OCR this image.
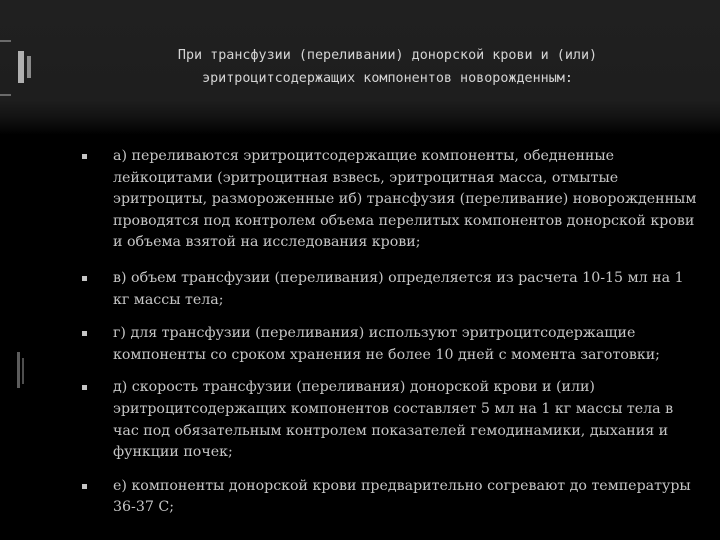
При трансфузии (переливании) донорской крови и (или)
эритроцитсодержащих компонентов новорожденным:
а) переливаются эритроцитсодержащие компоненты, обедненные лейкоцитами (эритроцитная взвесь, эритроцитная масса, отмытые эритроциты, размороженные иб) трансфузия (переливание) новорожденным проводятся под контролем объема перелитых компонентов донорской крови и объема взятой на исследования крови;
в) объем трансфузии (переливания) определяется из расчета 10-15 мл на 1 кг массы тела;
г) для трансфузии (переливания) используют эритроцитсодержащие компоненты со сроком хранения не более 10 дней с момента заготовки;
д) скорость трансфузии (переливания) донорской крови и (или) эритроцитсодержащих компонентов составляет 5 мл на 1 кг массы тела в час под обязательным контролем показателей гемодинамики, дыхания и функции почек;
е) компоненты донорской крови предварительно согревают до температуры 36-37 С;
